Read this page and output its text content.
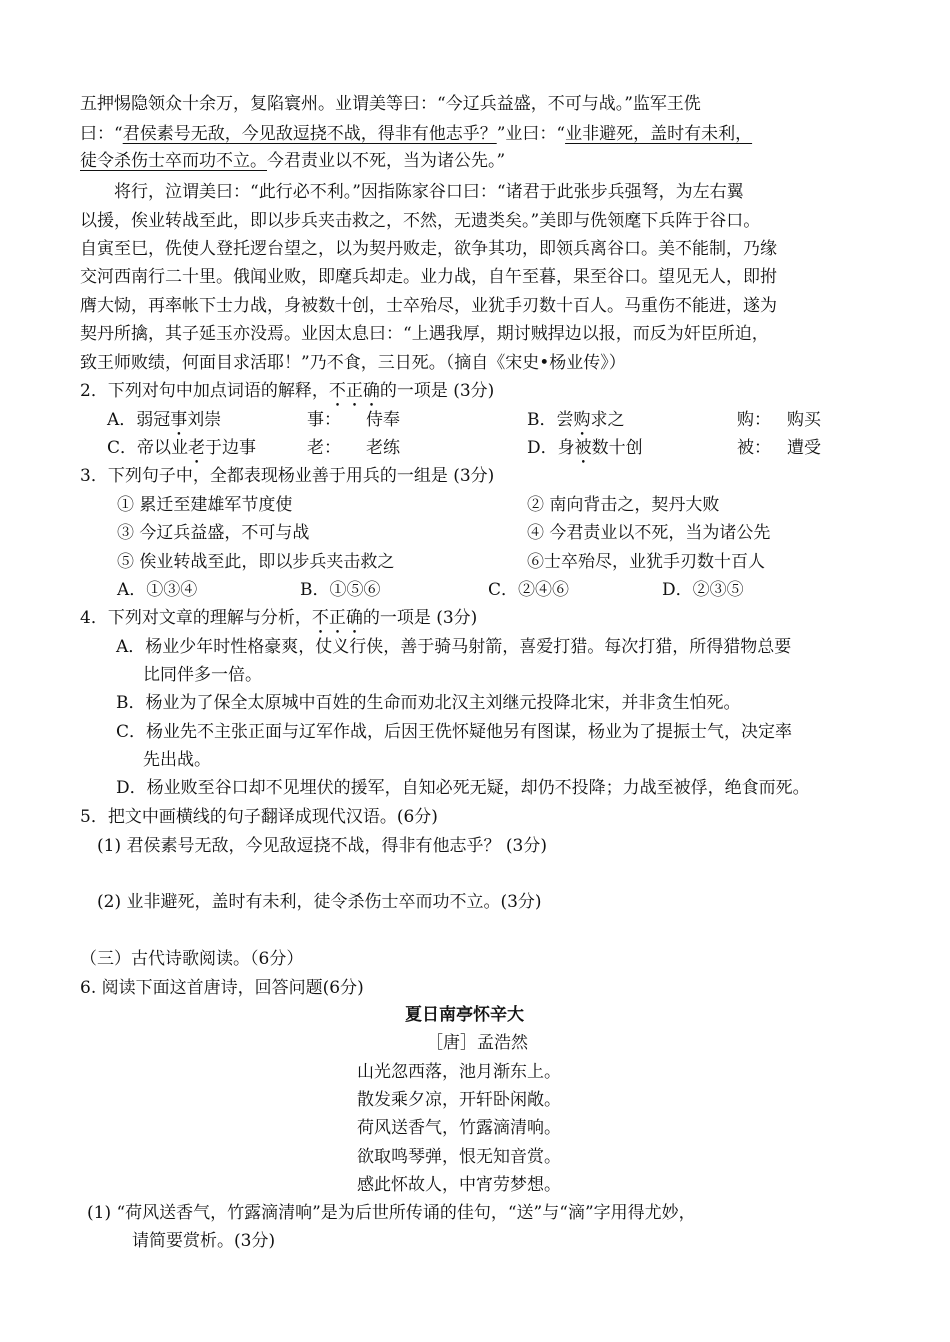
五押惕隐领众十余万，复陷寰州。业谓美等曰：“今辽兵益盛，不可与战。”监军王侁
曰：“君侯素号无敌，今见敌逗挠不战，得非有他志乎？”业曰：“业非避死，盖时有未利，
徒令杀伤士卒而功不立。今君责业以不死，当为诸公先。”
将行，泣谓美曰：“此行必不利。”因指陈家谷口曰：“诸君于此张步兵强弩，为左右翼
以援，俟业转战至此，即以步兵夹击救之，不然，无遗类矣。”美即与侁领麾下兵阵于谷口。
自寅至巳，侁使人登托逻台望之，以为契丹败走，欲争其功，即领兵离谷口。美不能制，乃缘
交河西南行二十里。俄闻业败，即麾兵却走。业力战，自午至暮，果至谷口。望见无人，即拊
膺大恸，再率帐下士力战，身被数十创，士卒殆尽，业犹手刃数十百人。马重伤不能进，遂为
契丹所擒，其子延玉亦没焉。业因太息曰：“上遇我厚，期讨贼捍边以报，而反为奸臣所迫，
致王师败绩，何面目求活耶！”乃不食，三日死。（摘自《宋史•杨业传》）
2．下列对句中加点词语的解释，不正确的一项是 (3分)
A．弱冠事刘崇	事： 侍奉	B．尝购求之	购： 购买
C．帝以业老于边事	老： 老练	D．身被数十创	被： 遭受
3．下列句子中，全都表现杨业善于用兵的一组是 (3分)
① 累迁至建雄军节度使	② 南向背击之，契丹大败
③ 今辽兵益盛，不可与战	④ 今君责业以不死，当为诸公先
⑤ 俟业转战至此，即以步兵夹击救之	⑥士卒殆尽，业犹手刃数十百人
A．①③④	B．①⑤⑥	C．②④⑥	D．②③⑤
4．下列对文章的理解与分析，不正确的一项是 (3分)
A．杨业少年时性格豪爽，仗义行侠，善于骑马射箭，喜爱打猎。每次打猎，所得猎物总要
比同伴多一倍。
B．杨业为了保全太原城中百姓的生命而劝北汉主刘继元投降北宋，并非贪生怕死。
C．杨业先不主张正面与辽军作战，后因王侁怀疑他另有图谋，杨业为了提振士气，决定率
先出战。
D．杨业败至谷口却不见埋伏的援军，自知必死无疑，却仍不投降；力战至被俘，绝食而死。
5．把文中画横线的句子翻译成现代汉语。(6分)
(1) 君侯素号无敌，今见敌逗挠不战，得非有他志乎？ (3分)
(2) 业非避死，盖时有未利，徒令杀伤士卒而功不立。(3分)
（三）古代诗歌阅读。（6分）
6. 阅读下面这首唐诗，回答问题(6分)
夏日南亭怀辛大
［唐］孟浩然
山光忽西落，池月渐东上。
散发乘夕凉，开轩卧闲敞。
荷风送香气，竹露滴清响。
欲取鸣琴弹，恨无知音赏。
感此怀故人，中宵劳梦想。
(1) “荷风送香气，竹露滴清响”是为后世所传诵的佳句，“送”与“滴”字用得尤妙，
请简要赏析。(3分)
